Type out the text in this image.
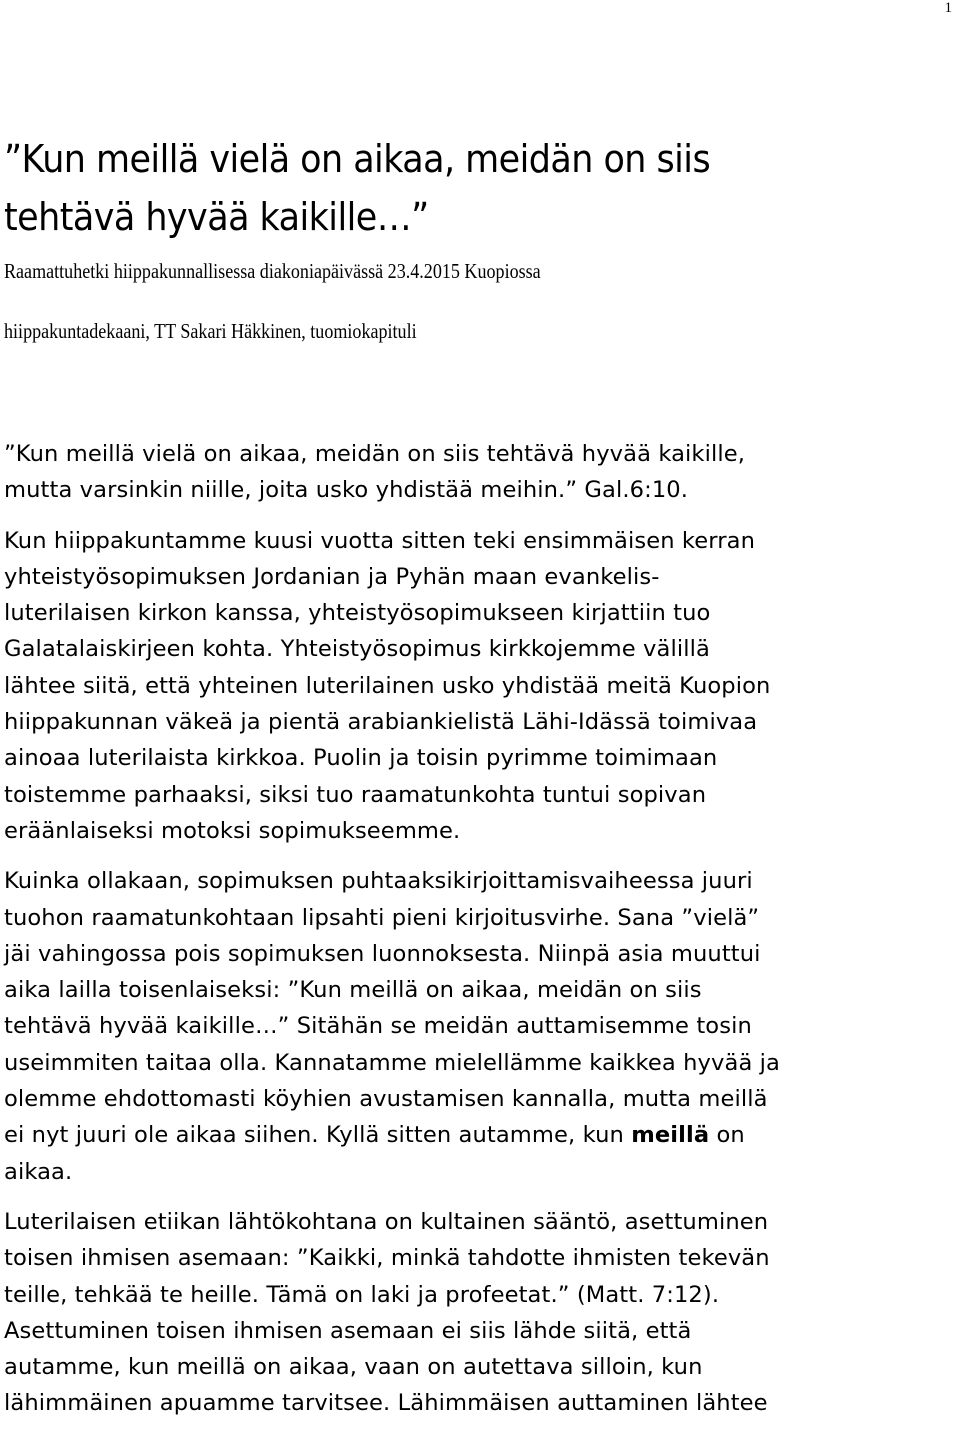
1
”Kun meillä vielä on aikaa, meidän on siis
tehtävä hyvää kaikille…”
Raamattuhetki hiippakunnallisessa diakoniapäivässä 23.4.2015 Kuopiossa
hiippakuntadekaani, TT Sakari Häkkinen, tuomiokapituli

”Kun meillä vielä on aikaa, meidän on siis tehtävä hyvää kaikille,
mutta varsinkin niille, joita usko yhdistää meihin.” Gal.6:10.

Kun hiippakuntamme kuusi vuotta sitten teki ensimmäisen kerran
yhteistyösopimuksen Jordanian ja Pyhän maan evankelis-
luterilaisen kirkon kanssa, yhteistyösopimukseen kirjattiin tuo
Galatalaiskirjeen kohta. Yhteistyösopimus kirkkojemme välillä
lähtee siitä, että yhteinen luterilainen usko yhdistää meitä Kuopion
hiippakunnan väkeä ja pientä arabiankielistä Lähi-Idässä toimivaa
ainoaa luterilaista kirkkoa. Puolin ja toisin pyrimme toimimaan
toistemme parhaaksi, siksi tuo raamatunkohta tuntui sopivan
eräänlaiseksi motoksi sopimukseemme.

Kuinka ollakaan, sopimuksen puhtaaksikirjoittamisvaiheessa juuri
tuohon raamatunkohtaan lipsahti pieni kirjoitusvirhe. Sana ”vielä”
jäi vahingossa pois sopimuksen luonnoksesta. Niinpä asia muuttui
aika lailla toisenlaiseksi: ”Kun meillä on aikaa, meidän on siis
tehtävä hyvää kaikille…” Sitähän se meidän auttamisemme tosin
useimmiten taitaa olla. Kannatamme mielellämme kaikkea hyvää ja
olemme ehdottomasti köyhien avustamisen kannalla, mutta meillä
ei nyt juuri ole aikaa siihen. Kyllä sitten autamme, kun meillä on
aikaa.

Luterilaisen etiikan lähtökohtana on kultainen sääntö, asettuminen
toisen ihmisen asemaan: ”Kaikki, minkä tahdotte ihmisten tekevän
teille, tehkää te heille. Tämä on laki ja profeetat.” (Matt. 7:12).
Asettuminen toisen ihmisen asemaan ei siis lähde siitä, että
autamme, kun meillä on aikaa, vaan on autettava silloin, kun
lähimmäinen apuamme tarvitsee. Lähimmäisen auttaminen lähtee
